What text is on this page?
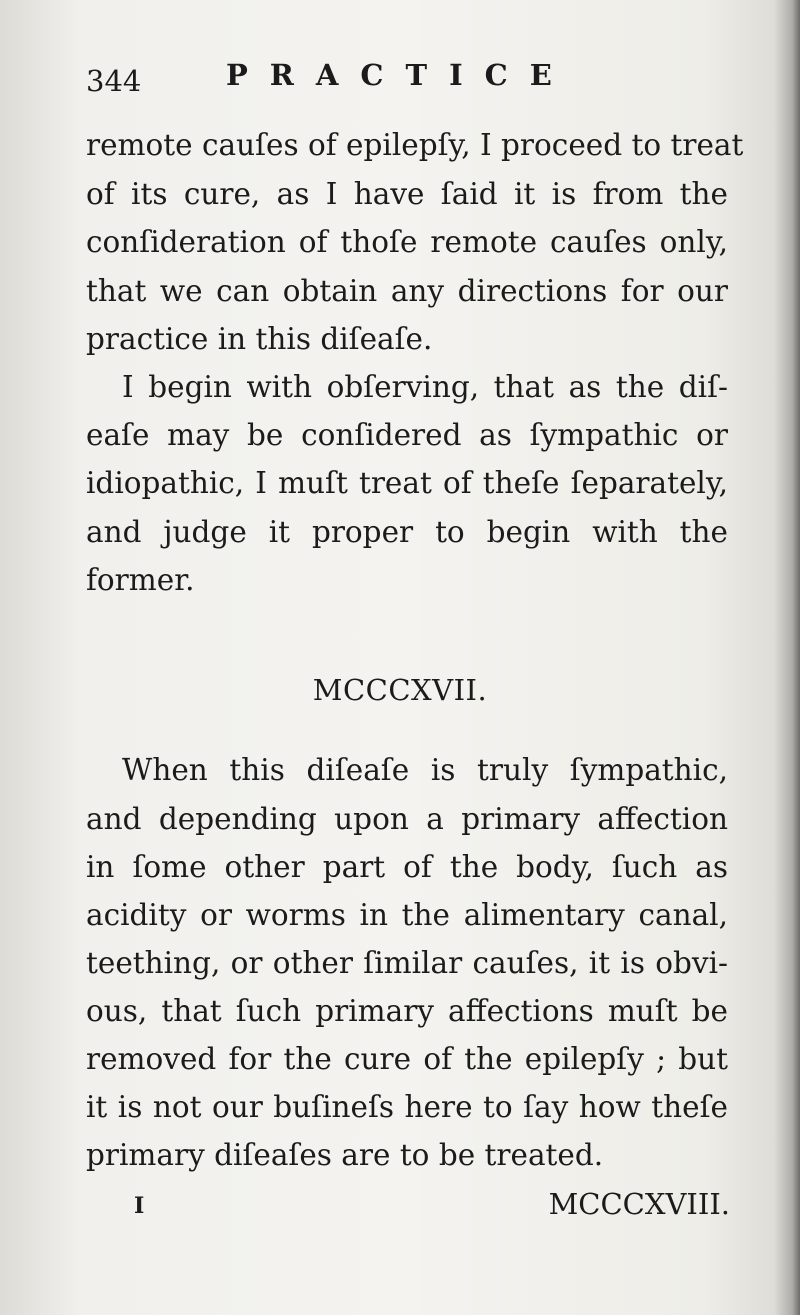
344	PRACTICE
remote cauſes of epilepſy, I proceed to treat
of its cure, as I have ſaid it is from the
conſideration of thoſe remote cauſes only,
that we can obtain any directions for our
practice in this diſeaſe.
I begin with obſerving, that as the diſ-
eaſe may be conſidered as ſympathic or
idiopathic, I muſt treat of theſe ſeparately,
and judge it proper to begin with the
former.
MCCCXVII.
When this diſeaſe is truly ſympathic,
and depending upon a primary affection
in ſome other part of the body, ſuch as
acidity or worms in the alimentary canal,
teething, or other ſimilar cauſes, it is obvi-
ous, that ſuch primary affections muſt be
removed for the cure of the epilepſy ; but
it is not our buſineſs here to ſay how theſe
primary diſeaſes are to be treated.
I	MCCCXVIII.
